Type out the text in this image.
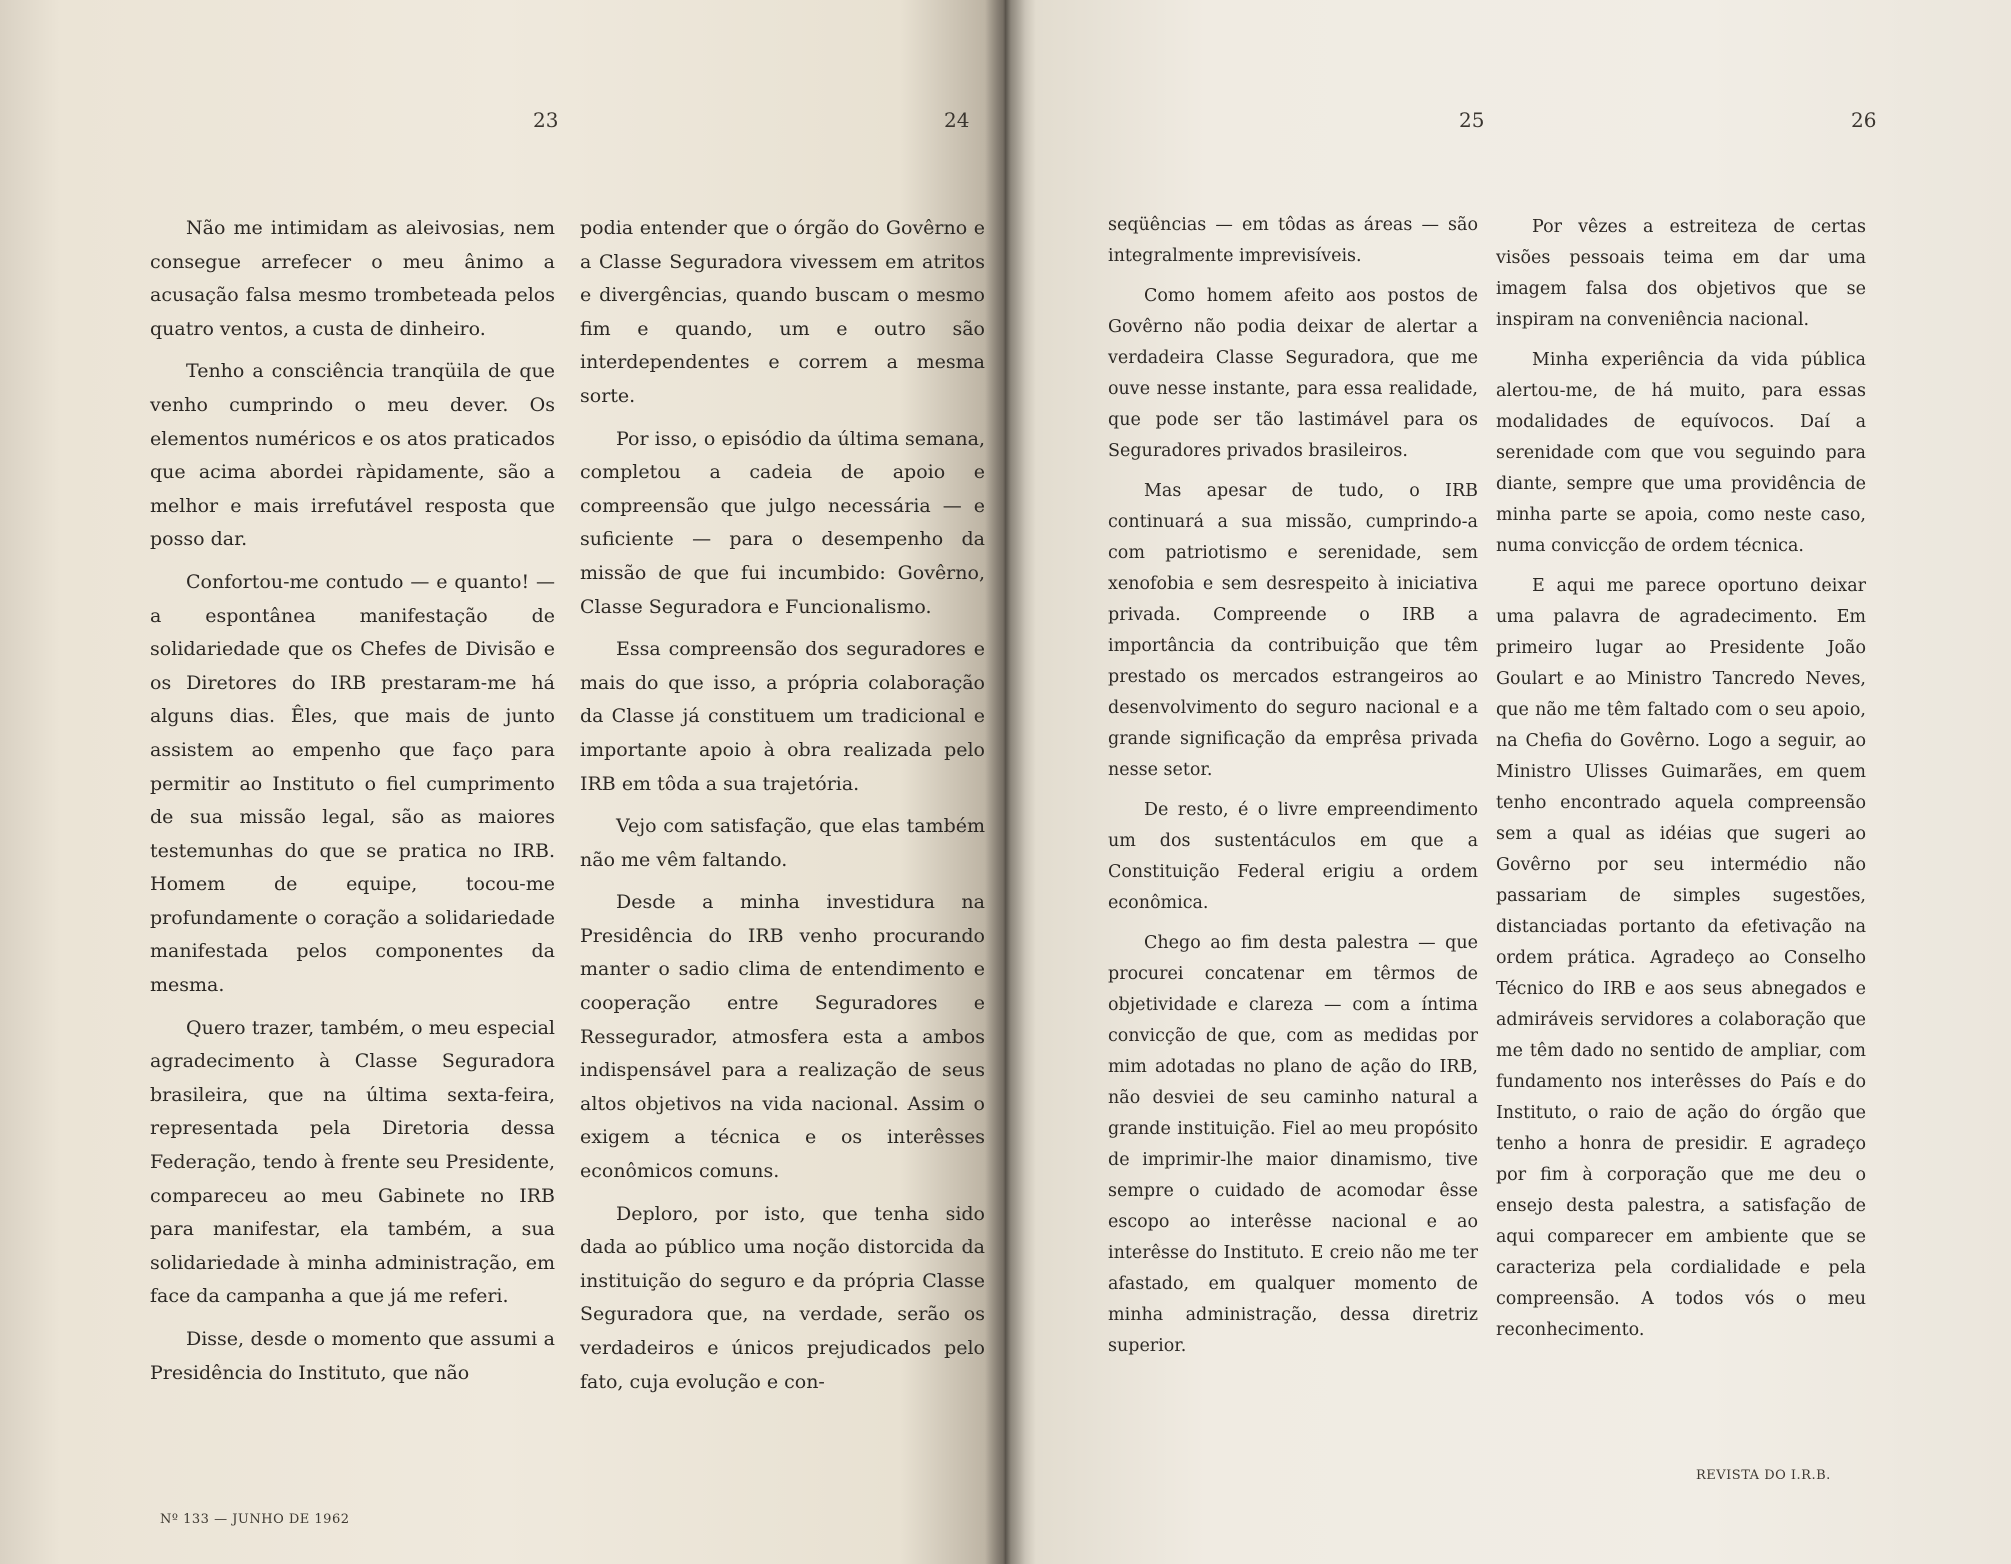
23	24

Não me intimidam as aleivosias, nem consegue arrefecer o meu ânimo a acusação falsa mesmo trombeteada pelos quatro ventos, a custa de dinheiro.

Tenho a consciência tranqüila de que venho cumprindo o meu dever. Os elementos numéricos e os atos praticados que acima abordei ràpidamente, são a melhor e mais irrefutável resposta que posso dar.

Confortou-me contudo — e quanto! — a espontânea manifestação de solidariedade que os Chefes de Divisão e os Diretores do IRB prestaram-me há alguns dias. Êles, que mais de junto assistem ao empenho que faço para permitir ao Instituto o fiel cumprimento de sua missão legal, são as maiores testemunhas do que se pratica no IRB. Homem de equipe, tocou-me profundamente o coração a solidariedade manifestada pelos componentes da mesma.

Quero trazer, também, o meu especial agradecimento à Classe Seguradora brasileira, que na última sexta-feira, representada pela Diretoria dessa Federação, tendo à frente seu Presidente, compareceu ao meu Gabinete no IRB para manifestar, ela também, a sua solidariedade à minha administração, em face da campanha a que já me referi.

Disse, desde o momento que assumi a Presidência do Instituto, que não

podia entender que o órgão do Govêrno e a Classe Seguradora vivessem em atritos e divergências, quando buscam o mesmo fim e quando, um e outro são interdependentes e correm a mesma sorte.

Por isso, o episódio da última semana, completou a cadeia de apoio e compreensão que julgo necessária — e suficiente — para o desempenho da missão de que fui incumbido: Govêrno, Classe Seguradora e Funcionalismo.

Essa compreensão dos seguradores e mais do que isso, a própria colaboração da Classe já constituem um tradicional e importante apoio à obra realizada pelo IRB em tôda a sua trajetória.

Vejo com satisfação, que elas também não me vêm faltando.

Desde a minha investidura na Presidência do IRB venho procurando manter o sadio clima de entendimento e cooperação entre Seguradores e Ressegurador, atmosfera esta a ambos indispensável para a realização de seus altos objetivos na vida nacional. Assim o exigem a técnica e os interêsses econômicos comuns.

Deploro, por isto, que tenha sido dada ao público uma noção distorcida da instituição do seguro e da própria Classe Seguradora que, na verdade, serão os verdadeiros e únicos prejudicados pelo fato, cuja evolução e con-

Nº 133 — JUNHO DE 1962
25	26

seqüências — em tôdas as áreas — são integralmente imprevisíveis.

Como homem afeito aos postos de Govêrno não podia deixar de alertar a verdadeira Classe Seguradora, que me ouve nesse instante, para essa realidade, que pode ser tão lastimável para os Seguradores privados brasileiros.

Mas apesar de tudo, o IRB continuará a sua missão, cumprindo-a com patriotismo e serenidade, sem xenofobia e sem desrespeito à iniciativa privada. Compreende o IRB a importância da contribuição que têm prestado os mercados estrangeiros ao desenvolvimento do seguro nacional e a grande significação da emprêsa privada nesse setor.

De resto, é o livre empreendimento um dos sustentáculos em que a Constituição Federal erigiu a ordem econômica.

Chego ao fim desta palestra — que procurei concatenar em têrmos de objetividade e clareza — com a íntima convicção de que, com as medidas por mim adotadas no plano de ação do IRB, não desviei de seu caminho natural a grande instituição. Fiel ao meu propósito de imprimir-lhe maior dinamismo, tive sempre o cuidado de acomodar êsse escopo ao interêsse nacional e ao interêsse do Instituto. E creio não me ter afastado, em qualquer momento de minha administração, dessa diretriz superior.

Por vêzes a estreiteza de certas visões pessoais teima em dar uma imagem falsa dos objetivos que se inspiram na conveniência nacional.

Minha experiência da vida pública alertou-me, de há muito, para essas modalidades de equívocos. Daí a serenidade com que vou seguindo para diante, sempre que uma providência de minha parte se apoia, como neste caso, numa convicção de ordem técnica.

E aqui me parece oportuno deixar uma palavra de agradecimento. Em primeiro lugar ao Presidente João Goulart e ao Ministro Tancredo Neves, que não me têm faltado com o seu apoio, na Chefia do Govêrno. Logo a seguir, ao Ministro Ulisses Guimarães, em quem tenho encontrado aquela compreensão sem a qual as idéias que sugeri ao Govêrno por seu intermédio não passariam de simples sugestões, distanciadas portanto da efetivação na ordem prática. Agradeço ao Conselho Técnico do IRB e aos seus abnegados e admiráveis servidores a colaboração que me têm dado no sentido de ampliar, com fundamento nos interêsses do País e do Instituto, o raio de ação do órgão que tenho a honra de presidir. E agradeço por fim à corporação que me deu o ensejo desta palestra, a satisfação de aqui comparecer em ambiente que se caracteriza pela cordialidade e pela compreensão. A todos vós o meu reconhecimento.

REVISTA DO I.R.B.
